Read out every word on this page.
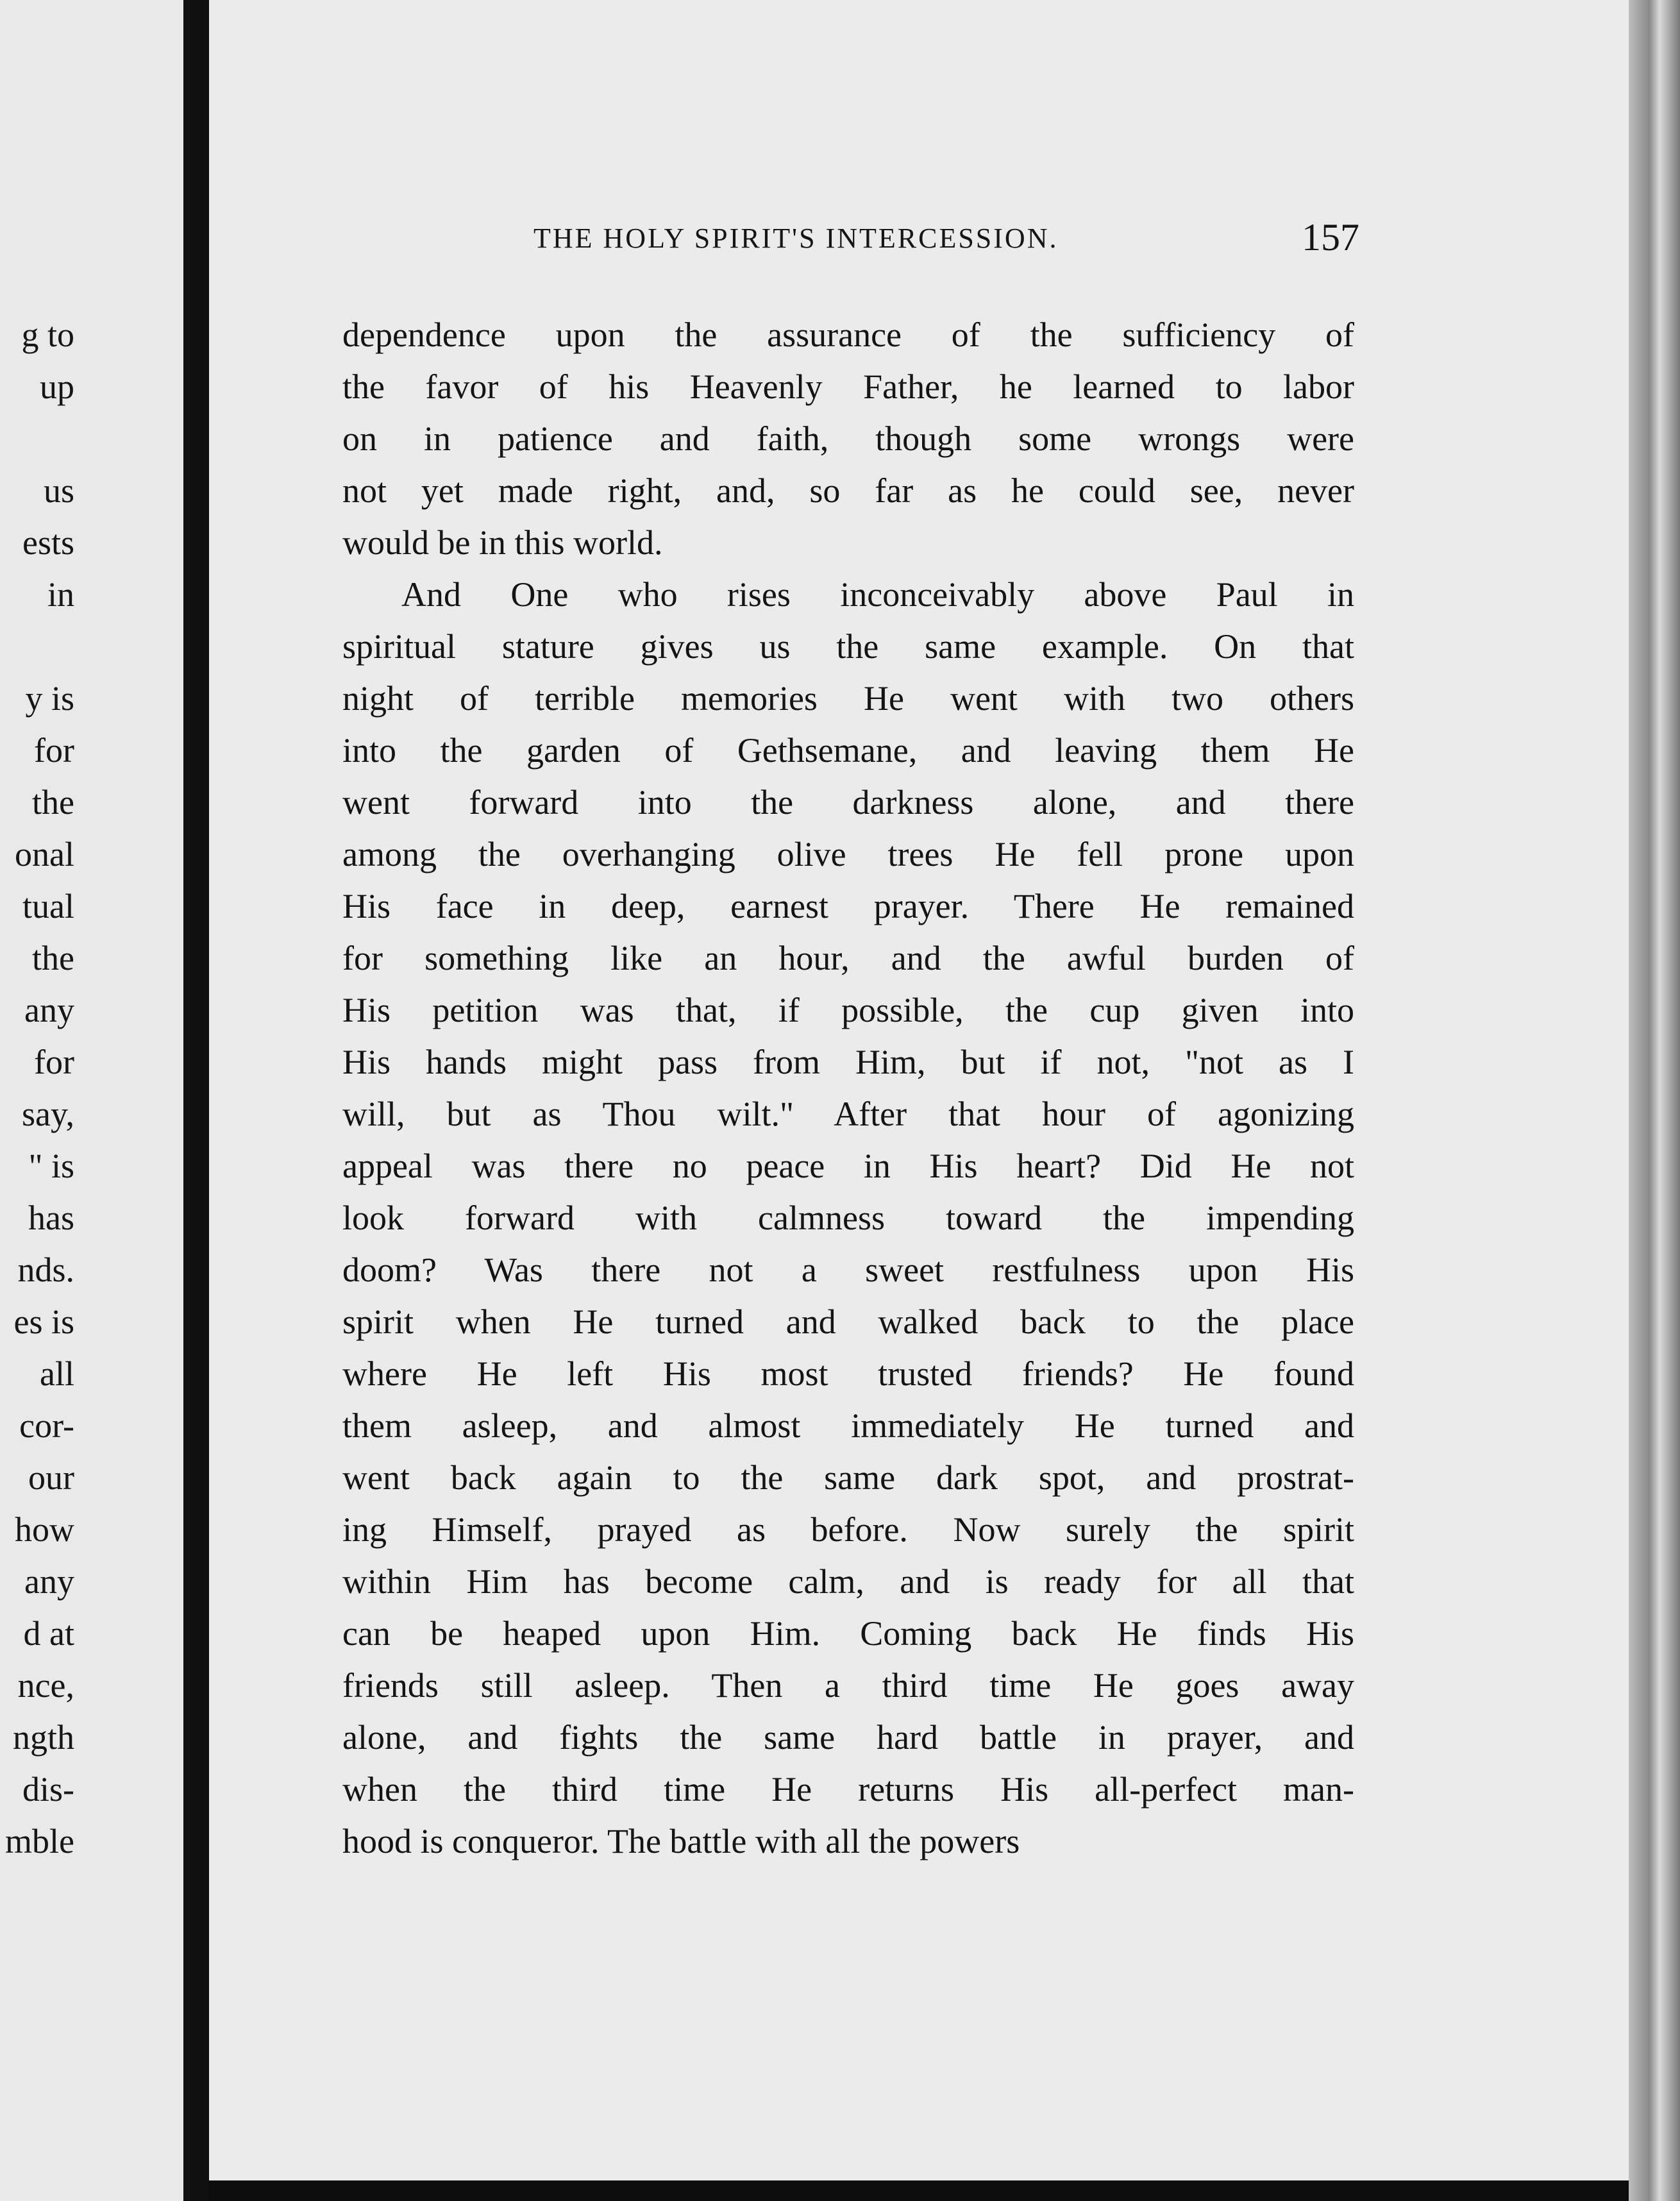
g to
up
us
ests
in
y is
for
the
onal
tual
the
any
for
say,
" is
has
nds.
es is
all
cor-
our
how
any
d at
nce,
ngth
dis-
mble
THE HOLY SPIRIT'S INTERCESSION.	157
dependence upon the assurance of the sufficiency of
the favor of his Heavenly Father, he learned to labor
on in patience and faith, though some wrongs were
not yet made right, and, so far as he could see, never
would be in this world.
And One who rises inconceivably above Paul in
spiritual stature gives us the same example. On that
night of terrible memories He went with two others
into the garden of Gethsemane, and leaving them He
went forward into the darkness alone, and there
among the overhanging olive trees He fell prone upon
His face in deep, earnest prayer. There He remained
for something like an hour, and the awful burden of
His petition was that, if possible, the cup given into
His hands might pass from Him, but if not, "not as I
will, but as Thou wilt." After that hour of agonizing
appeal was there no peace in His heart? Did He not
look forward with calmness toward the impending
doom? Was there not a sweet restfulness upon His
spirit when He turned and walked back to the place
where He left His most trusted friends? He found
them asleep, and almost immediately He turned and
went back again to the same dark spot, and prostrat-
ing Himself, prayed as before. Now surely the spirit
within Him has become calm, and is ready for all that
can be heaped upon Him. Coming back He finds His
friends still asleep. Then a third time He goes away
alone, and fights the same hard battle in prayer, and
when the third time He returns His all-perfect man-
hood is conqueror. The battle with all the powers
